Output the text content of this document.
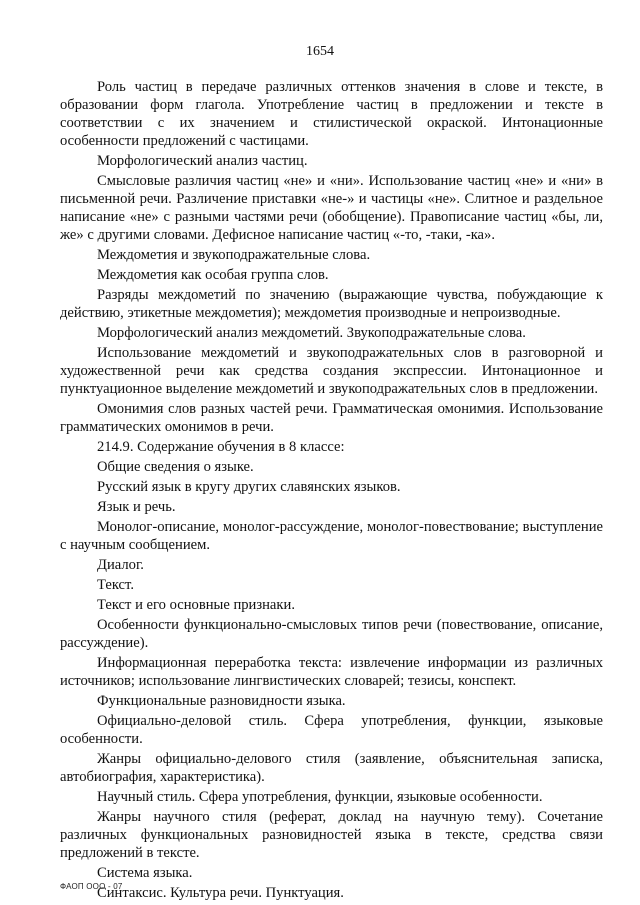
1654

Роль частиц в передаче различных оттенков значения в слове и тексте, в образовании форм глагола. Употребление частиц в предложении и тексте в соответствии с их значением и стилистической окраской. Интонационные особенности предложений с частицами.

Морфологический анализ частиц.

Смысловые различия частиц «не» и «ни». Использование частиц «не» и «ни» в письменной речи. Различение приставки «не-» и частицы «не». Слитное и раздельное написание «не» с разными частями речи (обобщение). Правописание частиц «бы, ли, же» с другими словами. Дефисное написание частиц «-то, -таки, -ка».

Междометия и звукоподражательные слова.

Междометия как особая группа слов.

Разряды междометий по значению (выражающие чувства, побуждающие к действию, этикетные междометия); междометия производные и непроизводные.

Морфологический анализ междометий. Звукоподражательные слова.

Использование междометий и звукоподражательных слов в разговорной и художественной речи как средства создания экспрессии. Интонационное и пунктуационное выделение междометий и звукоподражательных слов в предложении.

Омонимия слов разных частей речи. Грамматическая омонимия. Использование грамматических омонимов в речи.

214.9. Содержание обучения в 8 классе:

Общие сведения о языке.

Русский язык в кругу других славянских языков.

Язык и речь.

Монолог-описание, монолог-рассуждение, монолог-повествование; выступление с научным сообщением.

Диалог.

Текст.

Текст и его основные признаки.

Особенности функционально-смысловых типов речи (повествование, описание, рассуждение).

Информационная переработка текста: извлечение информации из различных источников; использование лингвистических словарей; тезисы, конспект.

Функциональные разновидности языка.

Официально-деловой стиль. Сфера употребления, функции, языковые особенности.

Жанры официально-делового стиля (заявление, объяснительная записка, автобиография, характеристика).

Научный стиль. Сфера употребления, функции, языковые особенности.

Жанры научного стиля (реферат, доклад на научную тему). Сочетание различных функциональных разновидностей языка в тексте, средства связи предложений в тексте.

Система языка.

Синтаксис. Культура речи. Пунктуация.

ФАОП ООО - 07
